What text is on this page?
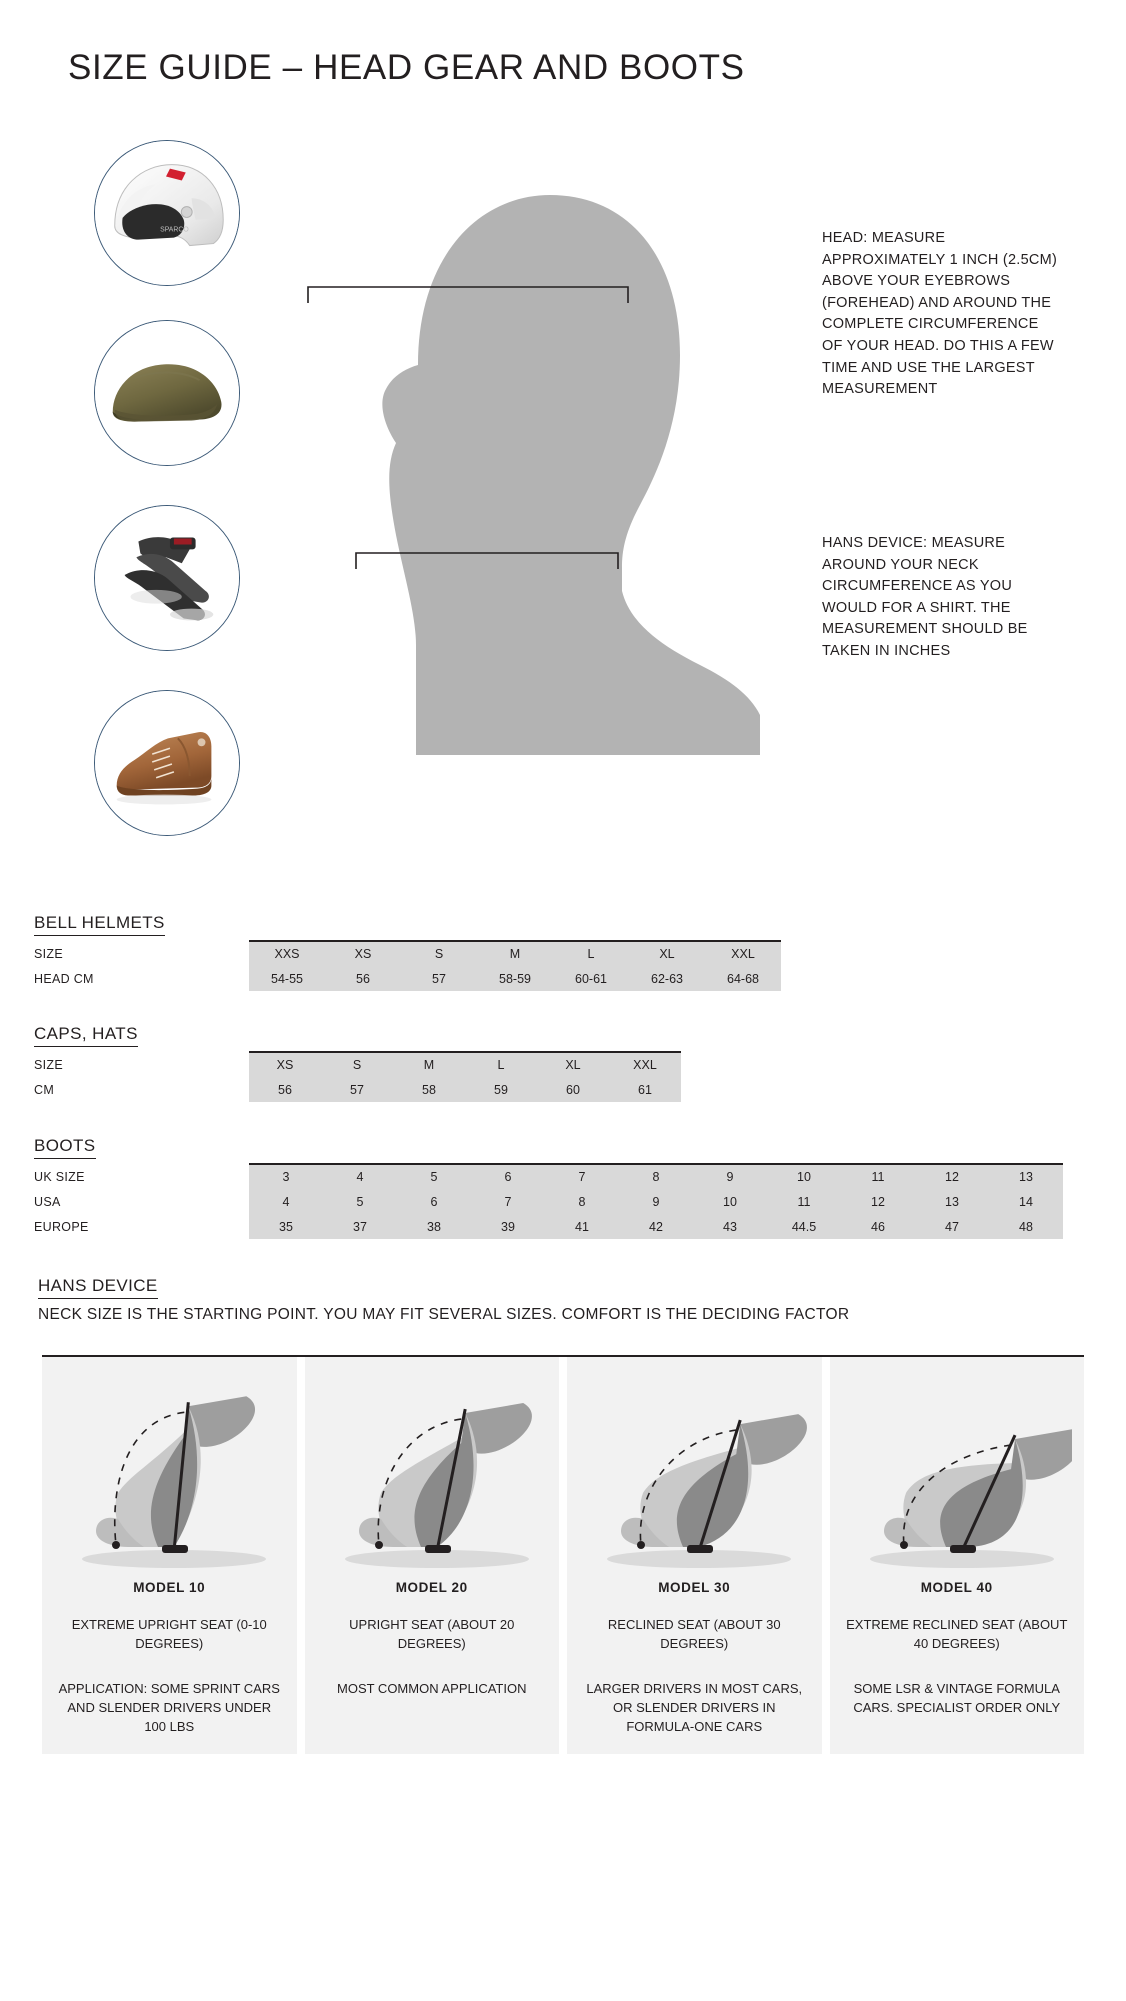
SIZE GUIDE – HEAD GEAR AND BOOTS
SPARCO	HEAD: MEASURE APPROXIMATELY 1 INCH (2.5CM) ABOVE YOUR EYEBROWS (FOREHEAD) AND AROUND THE COMPLETE CIRCUMFERENCE OF YOUR HEAD. DO THIS A FEW TIME AND USE THE LARGEST MEASUREMENT
HANS DEVICE: MEASURE AROUND YOUR NECK CIRCUMFERENCE AS YOU WOULD FOR A SHIRT. THE MEASUREMENT SHOULD BE TAKEN IN INCHES
BELL HELMETS
SIZE	XXS	XS	S	M	L	XL	XXL
HEAD CM	54-55	56	57	58-59	60-61	62-63	64-68
CAPS, HATS
SIZE	XS	S	M	L	XL	XXL
CM	56	57	58	59	60	61
BOOTS
UK SIZE	3	4	5	6	7	8	9	10	11	12	13
USA	4	5	6	7	8	9	10	11	12	13	14
EUROPE	35	37	38	39	41	42	43	44.5	46	47	48
HANS DEVICE
NECK SIZE IS THE STARTING POINT. YOU MAY FIT SEVERAL SIZES. COMFORT IS THE DECIDING FACTOR
MODEL 10
EXTREME UPRIGHT SEAT (0-10 DEGREES)
APPLICATION: SOME SPRINT CARS AND SLENDER DRIVERS UNDER 100 LBS
MODEL 20
UPRIGHT SEAT (ABOUT 20 DEGREES)
MOST COMMON APPLICATION
MODEL 30
RECLINED SEAT (ABOUT 30 DEGREES)
LARGER DRIVERS IN MOST CARS, OR SLENDER DRIVERS IN FORMULA-ONE CARS
MODEL 40
EXTREME RECLINED SEAT (ABOUT 40 DEGREES)
SOME LSR & VINTAGE FORMULA CARS. SPECIALIST ORDER ONLY
